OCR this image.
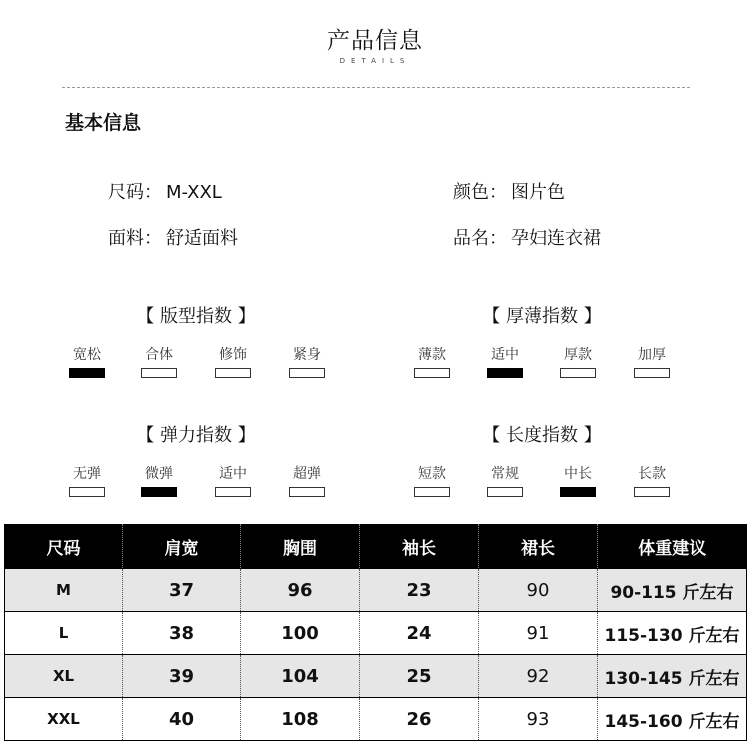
产品信息
DETAILS
基本信息
尺码： M-XXL	颜色： 图片色
面料： 舒适面料	品名： 孕妇连衣裙
【 版型指数 】	【 厚薄指数 】
【 弹力指数 】	【 长度指数 】
宽松	合体	修饰	紧身	薄款	适中	厚款	加厚
无弹	微弹	适中	超弹	短款	常规	中长	长款
尺码	肩宽	胸围	袖长	裙长	体重建议
M	37	96	23	90	90-115 斤左右
L	38	100	24	91	115-130 斤左右
XL	39	104	25	92	130-145 斤左右
XXL	40	108	26	93	145-160 斤左右
